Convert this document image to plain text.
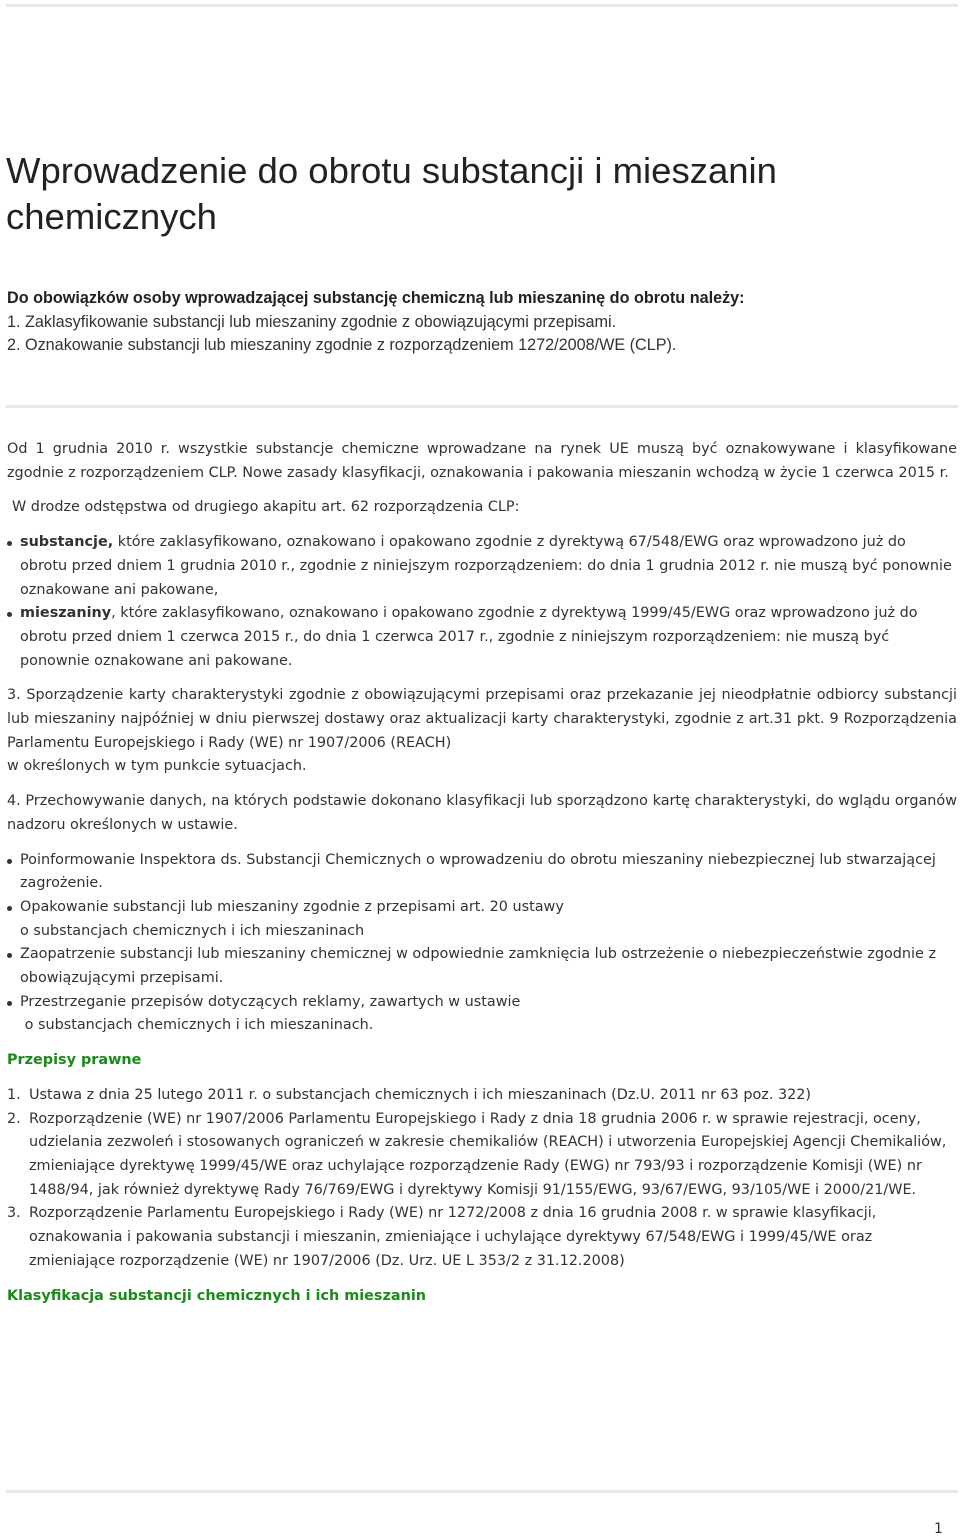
Wprowadzenie do obrotu substancji i mieszanin chemicznych
Do obowiązków osoby wprowadzającej substancję chemiczną lub mieszaninę do obrotu należy:
1. Zaklasyfikowanie substancji lub mieszaniny zgodnie z obowiązującymi przepisami.
2. Oznakowanie substancji lub mieszaniny zgodnie z rozporządzeniem 1272/2008/WE (CLP).

Od 1 grudnia 2010 r. wszystkie substancje chemiczne wprowadzane na rynek UE muszą być oznakowywane i klasyfikowane zgodnie z rozporządzeniem CLP. Nowe zasady klasyfikacji, oznakowania i pakowania mieszanin wchodzą w życie 1 czerwca 2015 r.

W drodze odstępstwa od drugiego akapitu art. 62 rozporządzenia CLP:

substancje, które zaklasyfikowano, oznakowano i opakowano zgodnie z dyrektywą 67/548/EWG oraz wprowadzono już do obrotu przed dniem 1 grudnia 2010 r., zgodnie z niniejszym rozporządzeniem: do dnia 1 grudnia 2012 r. nie muszą być ponownie oznakowane ani pakowane,
mieszaniny, które zaklasyfikowano, oznakowano i opakowano zgodnie z dyrektywą 1999/45/EWG oraz wprowadzono już do obrotu przed dniem 1 czerwca 2015 r., do dnia 1 czerwca 2017 r., zgodnie z niniejszym rozporządzeniem: nie muszą być ponownie oznakowane ani pakowane.

3. Sporządzenie karty charakterystyki zgodnie z obowiązującymi przepisami oraz przekazanie jej nieodpłatnie odbiorcy substancji lub mieszaniny najpóźniej w dniu pierwszej dostawy oraz aktualizacji karty charakterystyki, zgodnie z art.31 pkt. 9 Rozporządzenia Parlamentu Europejskiego i Rady (WE) nr 1907/2006 (REACH)

w określonych w tym punkcie sytuacjach.

4. Przechowywanie danych, na których podstawie dokonano klasyfikacji lub sporządzono kartę charakterystyki, do wglądu organów nadzoru określonych w ustawie.

Poinformowanie Inspektora ds. Substancji Chemicznych o wprowadzeniu do obrotu mieszaniny niebezpiecznej lub stwarzającej zagrożenie.
Opakowanie substancji lub mieszaniny zgodnie z przepisami art. 20 ustawy
o substancjach chemicznych i ich mieszaninach
Zaopatrzenie substancji lub mieszaniny chemicznej w odpowiednie zamknięcia lub ostrzeżenie o niebezpieczeństwie zgodnie z obowiązującymi przepisami.
Przestrzeganie przepisów dotyczących reklamy, zawartych w ustawie
o substancjach chemicznych i ich mieszaninach.
Przepisy prawne
1. Ustawa z dnia 25 lutego 2011 r. o substancjach chemicznych i ich mieszaninach (Dz.U. 2011 nr 63 poz. 322)
2. Rozporządzenie (WE) nr 1907/2006 Parlamentu Europejskiego i Rady z dnia 18 grudnia 2006 r. w sprawie rejestracji, oceny, udzielania zezwoleń i stosowanych ograniczeń w zakresie chemikaliów (REACH) i utworzenia Europejskiej Agencji Chemikaliów, zmieniające dyrektywę 1999/45/WE oraz uchylające rozporządzenie Rady (EWG) nr 793/93 i rozporządzenie Komisji (WE) nr 1488/94, jak również dyrektywę Rady 76/769/EWG i dyrektywy Komisji 91/155/EWG, 93/67/EWG, 93/105/WE i 2000/21/WE.
3. Rozporządzenie Parlamentu Europejskiego i Rady (WE) nr 1272/2008 z dnia 16 grudnia 2008 r. w sprawie klasyfikacji, oznakowania i pakowania substancji i mieszanin, zmieniające i uchylające dyrektywy 67/548/EWG i 1999/45/WE oraz zmieniające rozporządzenie (WE) nr 1907/2006 (Dz. Urz. UE L 353/2 z 31.12.2008)
Klasyfikacja substancji chemicznych i ich mieszanin
1
